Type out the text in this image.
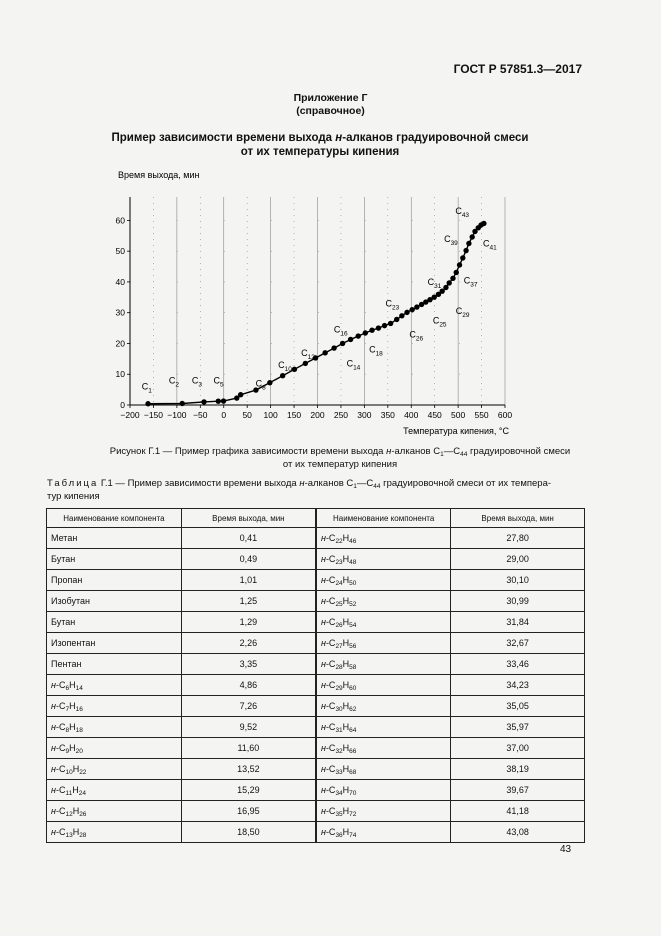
ГОСТ Р 57851.3—2017
Приложение Г
(справочное)
Пример зависимости времени выхода н-алканов градуировочной смеси
от их температуры кипения
Время выхода, мин
−200 −150 −100 −50 0 50 100 150 200 250 300 350 400 450 500 550 600
0
10
20
30
40
50
60
Температура кипения, °C
$C_1$
$C_2$ $C_3$ $C_5$	$C_8$
$C_{10}$
$C_{12}$
$C_{16}$
$C_{14}$
$C_{18}$
$C_{23}$
$C_{26}$
$C_{25}$
$C_{29}$
$C_{31}$
$C_{37}$
$C_{39}$	$C_{41}$
$C_{43}$
Рисунок Г.1 — Пример графика зависимости времени выхода н-алканов $С_1—С_{44}$ градуировочной смеси
от их температур кипения
Таблица Г.1 — Пример зависимости времени выхода н-алканов $С_1—С_{44}$ градуировочной смеси от их темпера-
тур кипения
Наименование компонента	Время выхода, мин	Наименование компонента	Время выхода, мин
Метан	0,41	$н-C_{22}H_{46}$	27,80
Бутан	0,49	$н-C_{23}H_{48}$	29,00
Пропан	1,01	$н-C_{24}H_{50}$	30,10
Изобутан	1,25	$н-C_{25}H_{52}$	30,99
Бутан	1,29	$н-C_{26}H_{54}$	31,84
Изопентан	2,26	$н-C_{27}H_{56}$	32,67
Пентан	3,35	$н-C_{28}H_{58}$	33,46
$н-C_6H_{14}$	4,86	$н-C_{29}H_{60}$	34,23
$н-C_7H_{16}$	7,26	$н-C_{30}H_{62}$	35,05
$н-C_8H_{18}$	9,52	$н-C_{31}H_{64}$	35,97
$н-C_9H_{20}$	11,60	$н-C_{32}H_{66}$	37,00
$н-C_{10}H_{22}$	13,52	$н-C_{33}H_{68}$	38,19
$н-C_{11}H_{24}$	15,29	$н-C_{34}H_{70}$	39,67
$н-C_{12}H_{26}$	16,95	$н-C_{35}H_{72}$	41,18
$н-C_{13}H_{28}$	18,50	$н-C_{36}H_{74}$	43,08
43
